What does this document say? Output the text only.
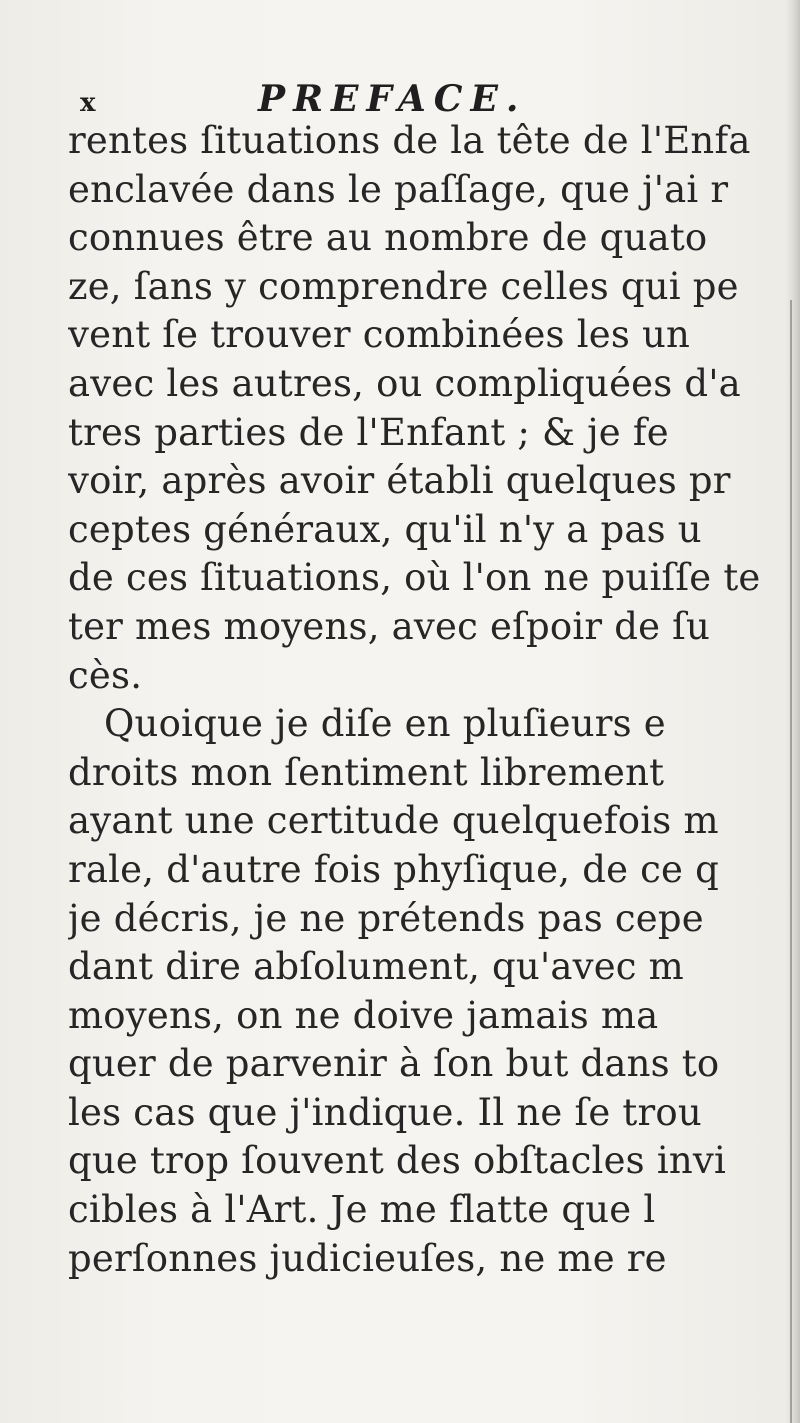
x	PREFACE.
rentes ſituations de la tête de l'Enfa
enclavée dans le paſſage, que j'ai r
connues être au nombre de quato
ze, ſans y comprendre celles qui pe
vent ſe trouver combinées les un
avec les autres, ou compliquées d'a
tres parties de l'Enfant ; & je fe
voir, après avoir établi quelques pr
ceptes généraux, qu'il n'y a pas u
de ces ſituations, où l'on ne puiſſe te
ter mes moyens, avec eſpoir de ſu
cès.
Quoique je diſe en pluſieurs e
droits mon ſentiment librement
ayant une certitude quelquefois m
rale, d'autre fois phyſique, de ce q
je décris, je ne prétends pas cepe
dant dire abſolument, qu'avec m
moyens, on ne doive jamais ma
quer de parvenir à ſon but dans to
les cas que j'indique. Il ne ſe trou
que trop ſouvent des obſtacles invi
cibles à l'Art. Je me flatte que l
perſonnes judicieuſes, ne me re
